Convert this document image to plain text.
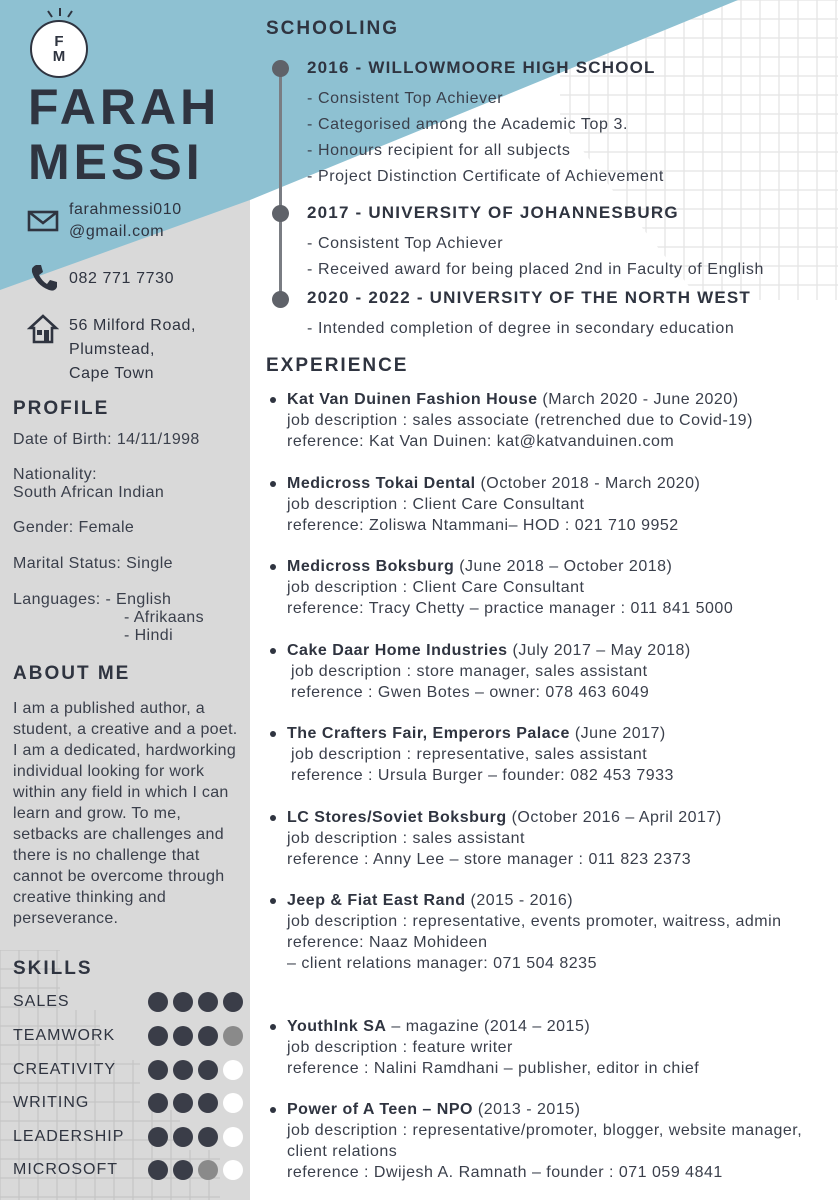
F
M
FARAH
MESSI
farahmessi010
@gmail.com
082 771 7730
56 Milford Road,
Plumstead,
Cape Town
PROFILE
Date of Birth: 14/11/1998
Nationality:
South African Indian
Gender: Female
Marital Status: Single
Languages: - English
- Afrikaans
- Hindi
ABOUT ME
I am a published author, a student, a creative and a poet. I am a dedicated, hardworking individual looking for work within any field in which I can learn and grow. To me, setbacks are challenges and there is no challenge that cannot be overcome through creative thinking and perseverance.
SKILLS
SALES
TEAMWORK
CREATIVITY
WRITING
LEADERSHIP
MICROSOFT
SCHOOLING
2016 - WILLOWMOORE HIGH SCHOOL
- Consistent Top Achiever
- Categorised among the Academic Top 3.
- Honours recipient for all subjects
- Project Distinction Certificate of Achievement
2017 - UNIVERSITY OF JOHANNESBURG
- Consistent Top Achiever
- Received award for being placed 2nd in Faculty of English
2020 - 2022 - UNIVERSITY OF THE NORTH WEST
- Intended completion of degree in secondary education
EXPERIENCE
Kat Van Duinen Fashion House (March 2020 - June 2020)
job description : sales associate (retrenched due to Covid-19)
reference: Kat Van Duinen: kat@katvanduinen.com
Medicross Tokai Dental (October 2018 - March 2020)
job description : Client Care Consultant
reference: Zoliswa Ntammani– HOD : 021 710 9952
Medicross Boksburg (June 2018 – October 2018)
job description : Client Care Consultant
reference: Tracy Chetty – practice manager : 011 841 5000
Cake Daar Home Industries (July 2017 – May 2018)
job description : store manager, sales assistant
reference : Gwen Botes – owner: 078 463 6049
The Crafters Fair, Emperors Palace (June 2017)
job description : representative, sales assistant
reference : Ursula Burger – founder: 082 453 7933
LC Stores/Soviet Boksburg (October 2016 – April 2017)
job description : sales assistant
reference : Anny Lee – store manager : 011 823 2373
Jeep & Fiat East Rand (2015 - 2016)
job description : representative, events promoter, waitress, admin
reference: Naaz Mohideen
– client relations manager: 071 504 8235
YouthInk SA – magazine (2014 – 2015)
job description : feature writer
reference : Nalini Ramdhani – publisher, editor in chief
Power of A Teen – NPO (2013 - 2015)
job description : representative/promoter, blogger, website manager, client relations
reference : Dwijesh A. Ramnath – founder : 071 059 4841
